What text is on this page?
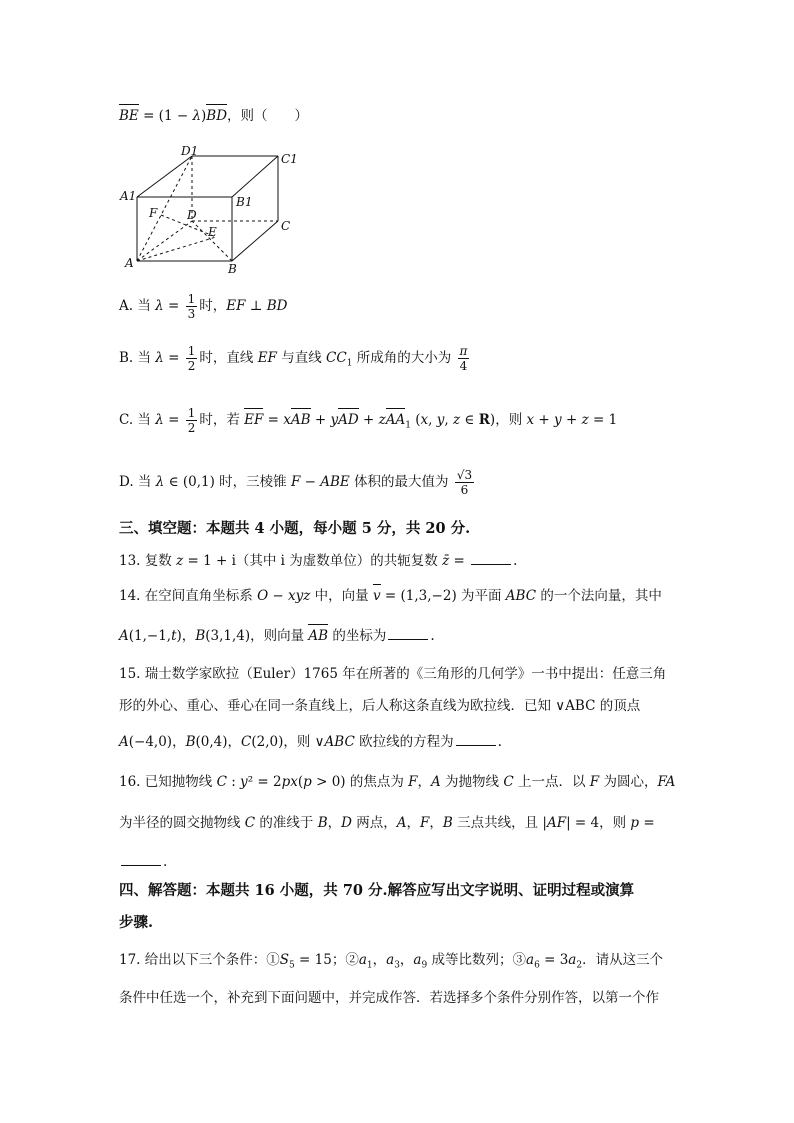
BE = (1 − λ)BD，则（　　）
D1
C1
A1	B1
F D
E	C
A	B
A. 当 $\lambda = \frac{1}{3}$ 时，EF ⊥ BD
B. 当 $\lambda = \frac{1}{2}$ 时，直线 EF 与直线 $CC_1$ 所成角的大小为 $\frac{\pi}{4}$
C. 当 $\lambda = \frac{1}{2}$ 时，若 EF = xAB + yAD + zAA$_1$ (x, y, z ∈ R)，则 x + y + z = 1
D. 当 λ ∈ (0,1) 时，三棱锥 F − ABE 体积的最大值为 $\frac{√3}{6}$
三、填空题：本题共 4 小题，每小题 5 分，共 20 分.
13. 复数 z = 1 + i（其中 i 为虚数单位）的共轭复数 z̄ =	.
14. 在空间直角坐标系 O − xyz 中，向量 v = (1,3,−2) 为平面 ABC 的一个法向量，其中
A(1,−1,t)，B(3,1,4)，则向量 AB 的坐标为	.
15. 瑞士数学家欧拉（Euler）1765 年在所著的《三角形的几何学》一书中提出：任意三角
形的外心、重心、垂心在同一条直线上，后人称这条直线为欧拉线．已知 ∨ABC 的顶点
A(−4,0)，B(0,4)，C(2,0)，则 ∨ABC 欧拉线的方程为	.
16. 已知抛物线 C : y² = 2px(p > 0) 的焦点为 F，A 为抛物线 C 上一点．以 F 为圆心，FA
为半径的圆交抛物线 C 的准线于 B，D 两点，A，F，B 三点共线，且 |AF| = 4，则 p =
.
四、解答题：本题共 16 小题，共 70 分.解答应写出文字说明、证明过程或演算
步骤.
17. 给出以下三个条件：$①S_5 = 15$；$②a_1$，$a_3$，$a_9$ 成等比数列；$③a_6 = 3a_2$．请从这三个
条件中任选一个，补充到下面问题中，并完成作答．若选择多个条件分别作答，以第一个作
